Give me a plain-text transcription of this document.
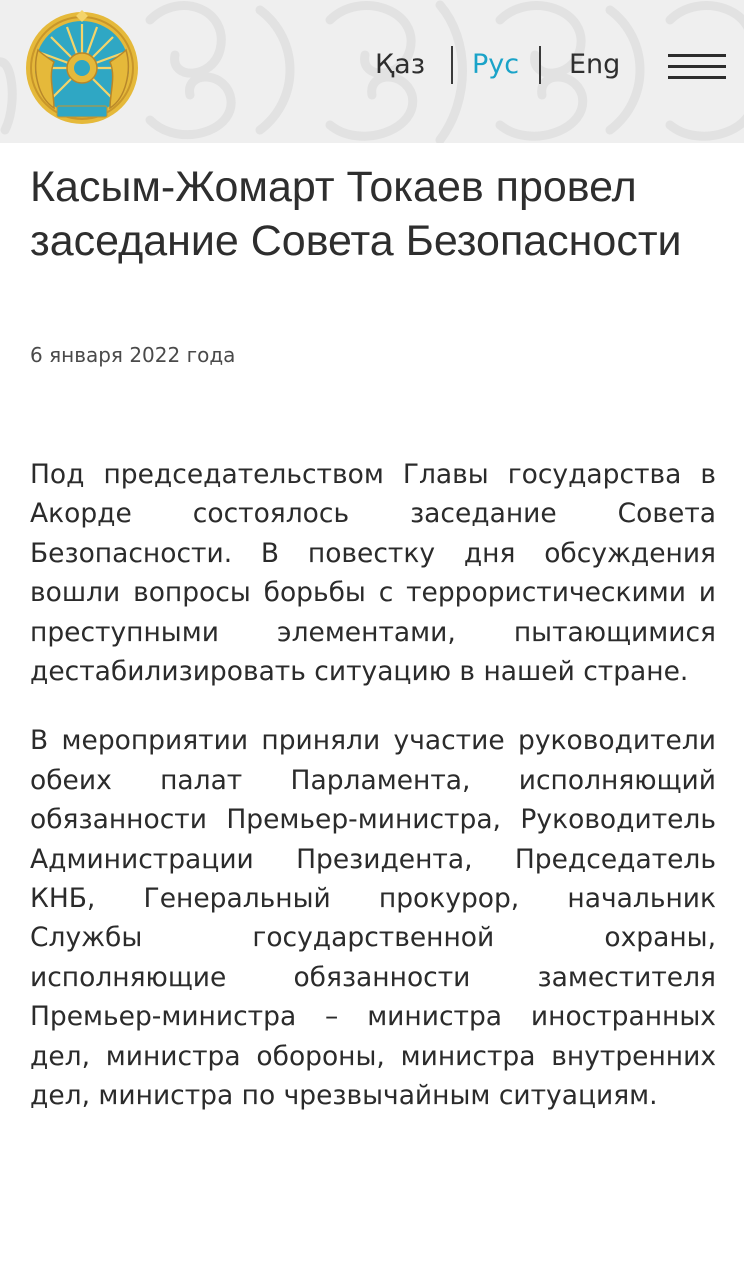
Қаз Рус Eng
Касым-Жомарт Токаев провел заседание Совета Безопасности
6 января 2022 года

Под председательством Главы государства в Акорде состоялось заседание Совета Безопасности. В повестку дня обсуждения вошли вопросы борьбы с террористическими и преступными элементами, пытающимися дестабилизировать ситуацию в нашей стране.

В мероприятии приняли участие руководители обеих палат Парламента, исполняющий обязанности Премьер-министра, Руководитель Администрации Президента, Председатель КНБ, Генеральный прокурор, начальник Службы государственной охраны, исполняющие обязанности заместителя Премьер-министра – министра иностранных дел, министра обороны, министра внутренних дел, министра по чрезвычайным ситуациям.
